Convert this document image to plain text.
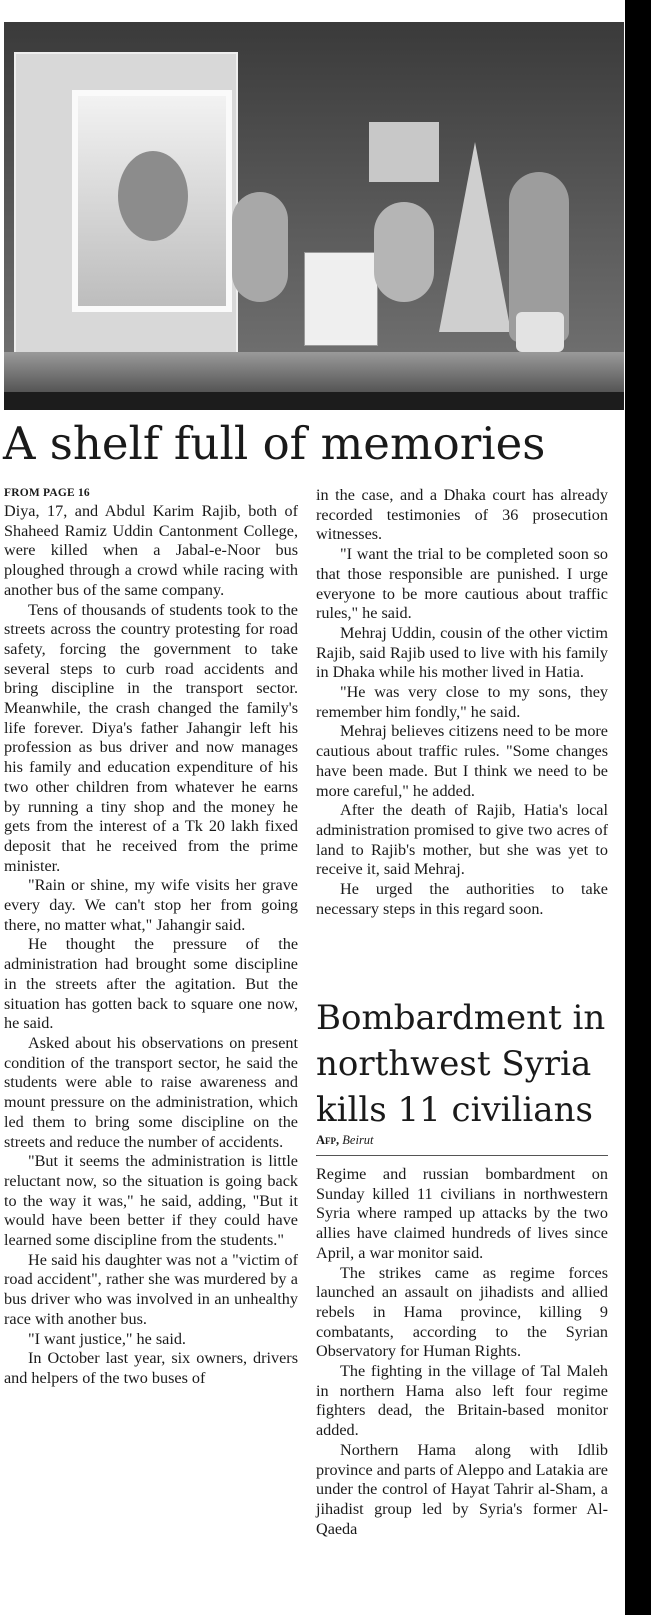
A shelf full of memories
FROM PAGE 16

Diya, 17, and Abdul Karim Rajib, both of Shaheed Ramiz Uddin Cantonment College, were killed when a Jabal-e-Noor bus ploughed through a crowd while racing with another bus of the same company.

Tens of thousands of students took to the streets across the country protesting for road safety, forcing the government to take several steps to curb road accidents and bring discipline in the transport sector. Meanwhile, the crash changed the family's life forever. Diya's father Jahangir left his profession as bus driver and now manages his family and education expenditure of his two other children from whatever he earns by running a tiny shop and the money he gets from the interest of a Tk 20 lakh fixed deposit that he received from the prime minister.

"Rain or shine, my wife visits her grave every day. We can't stop her from going there, no matter what," Jahangir said.

He thought the pressure of the administration had brought some discipline in the streets after the agitation. But the situation has gotten back to square one now, he said.

Asked about his observations on present condition of the transport sector, he said the students were able to raise awareness and mount pressure on the administration, which led them to bring some discipline on the streets and reduce the number of accidents.

"But it seems the administration is little reluctant now, so the situation is going back to the way it was," he said, adding, "But it would have been better if they could have learned some discipline from the students."

He said his daughter was not a "victim of road accident", rather she was murdered by a bus driver who was involved in an unhealthy race with another bus.

"I want justice," he said.

In October last year, six owners, drivers and helpers of the two buses of

in the case, and a Dhaka court has already recorded testimonies of 36 prosecution witnesses.

"I want the trial to be completed soon so that those responsible are punished. I urge everyone to be more cautious about traffic rules," he said.

Mehraj Uddin, cousin of the other victim Rajib, said Rajib used to live with his family in Dhaka while his mother lived in Hatia.

"He was very close to my sons, they remember him fondly," he said.

Mehraj believes citizens need to be more cautious about traffic rules. "Some changes have been made. But I think we need to be more careful," he added.

After the death of Rajib, Hatia's local administration promised to give two acres of land to Rajib's mother, but she was yet to receive it, said Mehraj.

He urged the authorities to take necessary steps in this regard soon.

Bombardment in northwest Syria kills 11 civilians
Afp, Beirut

Regime and russian bombardment on Sunday killed 11 civilians in northwestern Syria where ramped up attacks by the two allies have claimed hundreds of lives since April, a war monitor said.

The strikes came as regime forces launched an assault on jihadists and allied rebels in Hama province, killing 9 combatants, according to the Syrian Observatory for Human Rights.

The fighting in the village of Tal Maleh in northern Hama also left four regime fighters dead, the Britain-based monitor added.

Northern Hama along with Idlib province and parts of Aleppo and Latakia are under the control of Hayat Tahrir al-Sham, a jihadist group led by Syria's former Al-Qaeda
